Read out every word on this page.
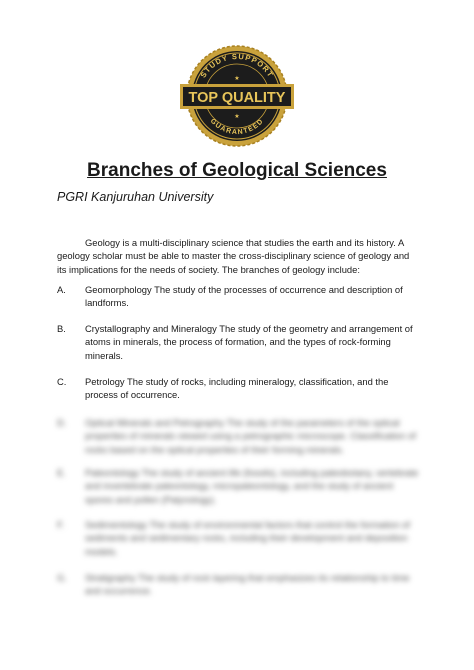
STUDY SUPPORT
GUARANTEED
TOP QUALITY
★
★
Branches of Geological Sciences
PGRI Kanjuruhan University

Geology is a multi-disciplinary science that studies the earth and its history. A geology scholar must be able to master the cross-disciplinary science of geology and its implications for the needs of society. The branches of geology include:

A.	Geomorphology The study of the processes of occurrence and description of landforms.
B.	Crystallography and Mineralogy The study of the geometry and arrangement of atoms in minerals, the process of formation, and the types of rock-forming minerals.
C.	Petrology The study of rocks, including mineralogy, classification, and the process of occurrence.
D.	Optical Minerals and Petrography The study of the parameters of the optical properties of minerals viewed using a petrographic microscope. Classification of rocks based on the optical properties of their forming minerals.
E.	Paleontology The study of ancient life (fossils), including paleobotany, vertebrate and invertebrate paleontology, micropaleontology, and the study of ancient spores and pollen (Palynology).
F.	Sedimentology The study of environmental factors that control the formation of sediments and sedimentary rocks, including their development and deposition models.
G.	Stratigraphy The study of rock layering that emphasizes its relationship to time and occurrence.
